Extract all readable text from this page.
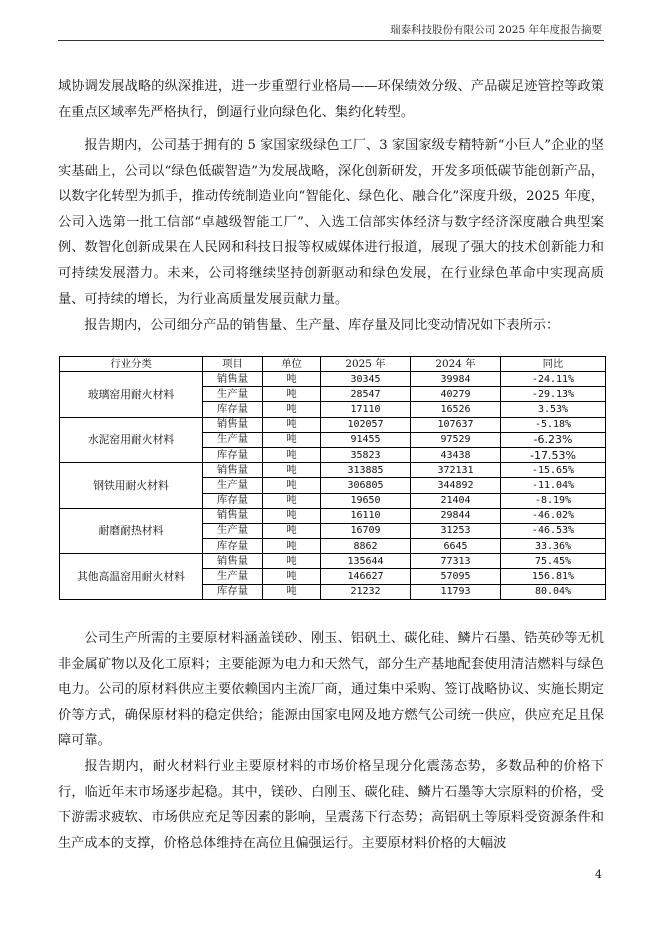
瑞泰科技股份有限公司 2025 年年度报告摘要

域协调发展战略的纵深推进，进一步重塑行业格局——环保绩效分级、产品碳足迹管控等政策在重点区域率先严格执行，倒逼行业向绿色化、集约化转型。

报告期内，公司基于拥有的 5 家国家级绿色工厂、3 家国家级专精特新“小巨人”企业的坚实基础上，公司以“绿色低碳智造”为发展战略，深化创新研发，开发多项低碳节能创新产品，以数字化转型为抓手，推动传统制造业向“智能化、绿色化、融合化”深度升级，2025 年度，公司入选第一批工信部“卓越级智能工厂”、入选工信部实体经济与数字经济深度融合典型案例、数智化创新成果在人民网和科技日报等权威媒体进行报道，展现了强大的技术创新能力和可持续发展潜力。未来，公司将继续坚持创新驱动和绿色发展，在行业绿色革命中实现高质量、可持续的增长，为行业高质量发展贡献力量。

报告期内，公司细分产品的销售量、生产量、库存量及同比变动情况如下表所示：

行业分类	项目	单位	2025 年	2024 年	同比
玻璃窑用耐火材料	销售量	吨	30345	39984	-24.11%
	生产量	吨	28547	40279	-29.13%
	库存量	吨	17110	16526	3.53%
水泥窑用耐火材料	销售量	吨	102057	107637	-5.18%
	生产量	吨	91455	97529	-6.23%
	库存量	吨	35823	43438	-17.53%
钢铁用耐火材料	销售量	吨	313885	372131	-15.65%
	生产量	吨	306805	344892	-11.04%
	库存量	吨	19650	21404	-8.19%
耐磨耐热材料	销售量	吨	16110	29844	-46.02%
	生产量	吨	16709	31253	-46.53%
	库存量	吨	8862	6645	33.36%
其他高温窑用耐火材料	销售量	吨	135644	77313	75.45%
	生产量	吨	146627	57095	156.81%
	库存量	吨	21232	11793	80.04%

公司生产所需的主要原材料涵盖镁砂、刚玉、铝矾土、碳化硅、鳞片石墨、锆英砂等无机非金属矿物以及化工原料；主要能源为电力和天然气，部分生产基地配套使用清洁燃料与绿色电力。公司的原材料供应主要依赖国内主流厂商，通过集中采购、签订战略协议、实施长期定价等方式，确保原材料的稳定供给；能源由国家电网及地方燃气公司统一供应，供应充足且保障可靠。

报告期内，耐火材料行业主要原材料的市场价格呈现分化震荡态势，多数品种的价格下行，临近年末市场逐步起稳。其中，镁砂、白刚玉、碳化硅、鳞片石墨等大宗原料的价格，受下游需求疲软、市场供应充足等因素的影响，呈震荡下行态势；高铝矾土等原料受资源条件和生产成本的支撑，价格总体维持在高位且偏强运行。主要原材料价格的大幅波

4
